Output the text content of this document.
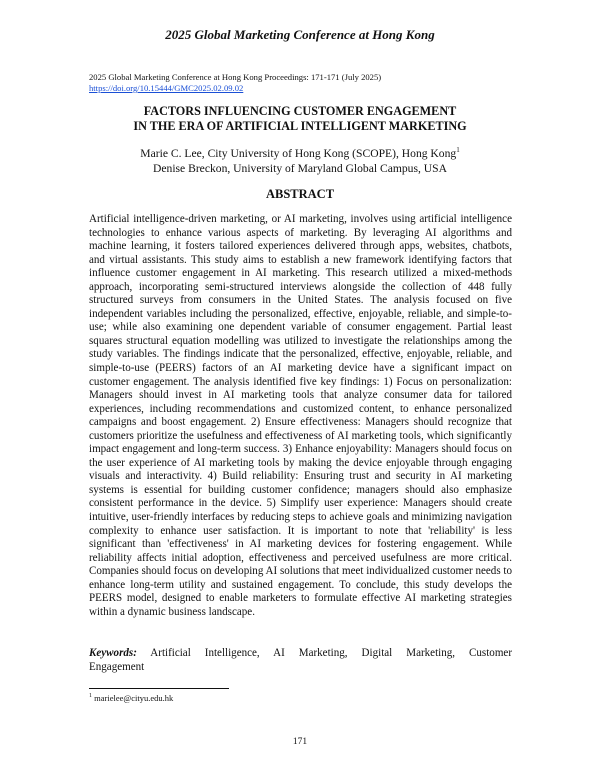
2025 Global Marketing Conference at Hong Kong
2025 Global Marketing Conference at Hong Kong Proceedings: 171-171 (July 2025)
https://doi.org/10.15444/GMC2025.02.09.02
FACTORS INFLUENCING CUSTOMER ENGAGEMENT
IN THE ERA OF ARTIFICIAL INTELLIGENT MARKETING
Marie C. Lee, City University of Hong Kong (SCOPE), Hong Kong$^1$
Denise Breckon, University of Maryland Global Campus, USA
ABSTRACT

Artificial intelligence-driven marketing, or AI marketing, involves using artificial intelligence technologies to enhance various aspects of marketing. By leveraging AI algorithms and machine learning, it fosters tailored experiences delivered through apps, websites, chatbots, and virtual assistants. This study aims to establish a new framework identifying factors that influence customer engagement in AI marketing. This research utilized a mixed-methods approach, incorporating semi-structured interviews alongside the collection of 448 fully structured surveys from consumers in the United States. The analysis focused on five independent variables including the personalized, effective, enjoyable, reliable, and simple-to-use; while also examining one dependent variable of consumer engagement. Partial least squares structural equation modelling was utilized to investigate the relationships among the study variables. The findings indicate that the personalized, effective, enjoyable, reliable, and simple-to-use (PEERS) factors of an AI marketing device have a significant impact on customer engagement. The analysis identified five key findings: 1) Focus on personalization: Managers should invest in AI marketing tools that analyze consumer data for tailored experiences, including recommendations and customized content, to enhance personalized campaigns and boost engagement. 2) Ensure effectiveness: Managers should recognize that customers prioritize the usefulness and effectiveness of AI marketing tools, which significantly impact engagement and long-term success. 3) Enhance enjoyability: Managers should focus on the user experience of AI marketing tools by making the device enjoyable through engaging visuals and interactivity. 4) Build reliability: Ensuring trust and security in AI marketing systems is essential for building customer confidence; managers should also emphasize consistent performance in the device. 5) Simplify user experience: Managers should create intuitive, user-friendly interfaces by reducing steps to achieve goals and minimizing navigation complexity to enhance user satisfaction. It is important to note that 'reliability' is less significant than 'effectiveness' in AI marketing devices for fostering engagement. While reliability affects initial adoption, effectiveness and perceived usefulness are more critical. Companies should focus on developing AI solutions that meet individualized customer needs to enhance long-term utility and sustained engagement. To conclude, this study develops the PEERS model, designed to enable marketers to formulate effective AI marketing strategies within a dynamic business landscape.

Keywords: Artificial Intelligence, AI Marketing, Digital Marketing, Customer

Engagement
$^1$ marielee@cityu.edu.hk
171
